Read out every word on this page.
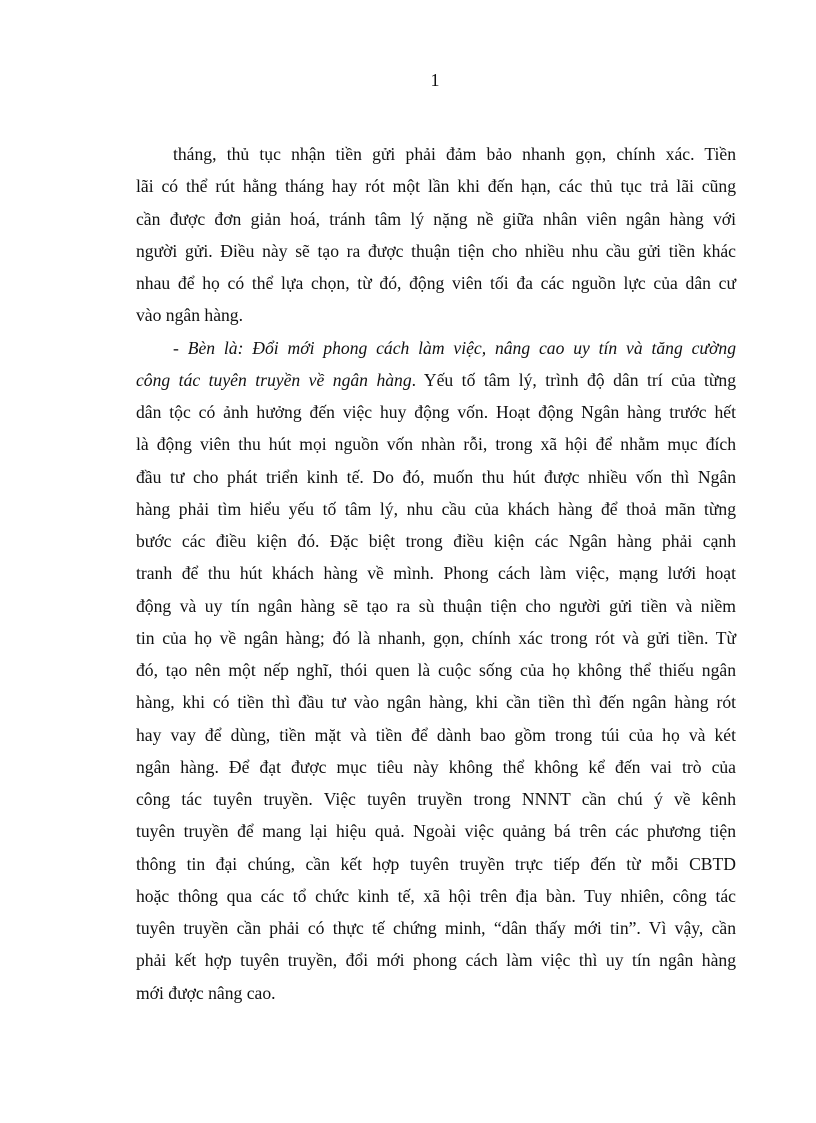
1
tháng, thủ tục nhận tiền gửi phải đảm bảo nhanh gọn, chính xác. Tiền
lãi có thể rút hằng tháng hay rót một lần khi đến hạn, các thủ tục trả lãi cũng
cần được đơn giản hoá, tránh tâm lý nặng nề giữa nhân viên ngân hàng với
người gửi. Điều này sẽ tạo ra được thuận tiện cho nhiều nhu cầu gửi tiền khác
nhau để họ có thể lựa chọn, từ đó, động viên tối đa các nguồn lực của dân cư
vào ngân hàng.
- Bèn là: Đổi mới phong cách làm việc, nâng cao uy tín và tăng cường
công tác tuyên truyền về ngân hàng. Yếu tố tâm lý, trình độ dân trí của từng
dân tộc có ảnh hưởng đến việc huy động vốn. Hoạt động Ngân hàng trước hết
là động viên thu hút mọi nguồn vốn nhàn rỗi, trong xã hội để nhằm mục đích
đầu tư cho phát triển kinh tế. Do đó, muốn thu hút được nhiều vốn thì Ngân
hàng phải tìm hiểu yếu tố tâm lý, nhu cầu của khách hàng để thoả mãn từng
bước các điều kiện đó. Đặc biệt trong điều kiện các Ngân hàng phải cạnh
tranh để thu hút khách hàng về mình. Phong cách làm việc, mạng lưới hoạt
động và uy tín ngân hàng sẽ tạo ra sù thuận tiện cho người gửi tiền và niềm
tin của họ về ngân hàng; đó là nhanh, gọn, chính xác trong rót và gửi tiền. Từ
đó, tạo nên một nếp nghĩ, thói quen là cuộc sống của họ không thể thiếu ngân
hàng, khi có tiền thì đầu tư vào ngân hàng, khi cần tiền thì đến ngân hàng rót
hay vay để dùng, tiền mặt và tiền để dành bao gồm trong túi của họ và két
ngân hàng. Để đạt được mục tiêu này không thể không kể đến vai trò của
công tác tuyên truyền. Việc tuyên truyền trong NNNT cần chú ý về kênh
tuyên truyền để mang lại hiệu quả. Ngoài việc quảng bá trên các phương tiện
thông tin đại chúng, cần kết hợp tuyên truyền trực tiếp đến từ mỗi CBTD
hoặc thông qua các tổ chức kinh tế, xã hội trên địa bàn. Tuy nhiên, công tác
tuyên truyền cần phải có thực tế chứng minh, “dân thấy mới tin”. Vì vậy, cần
phải kết hợp tuyên truyền, đổi mới phong cách làm việc thì uy tín ngân hàng
mới được nâng cao.
